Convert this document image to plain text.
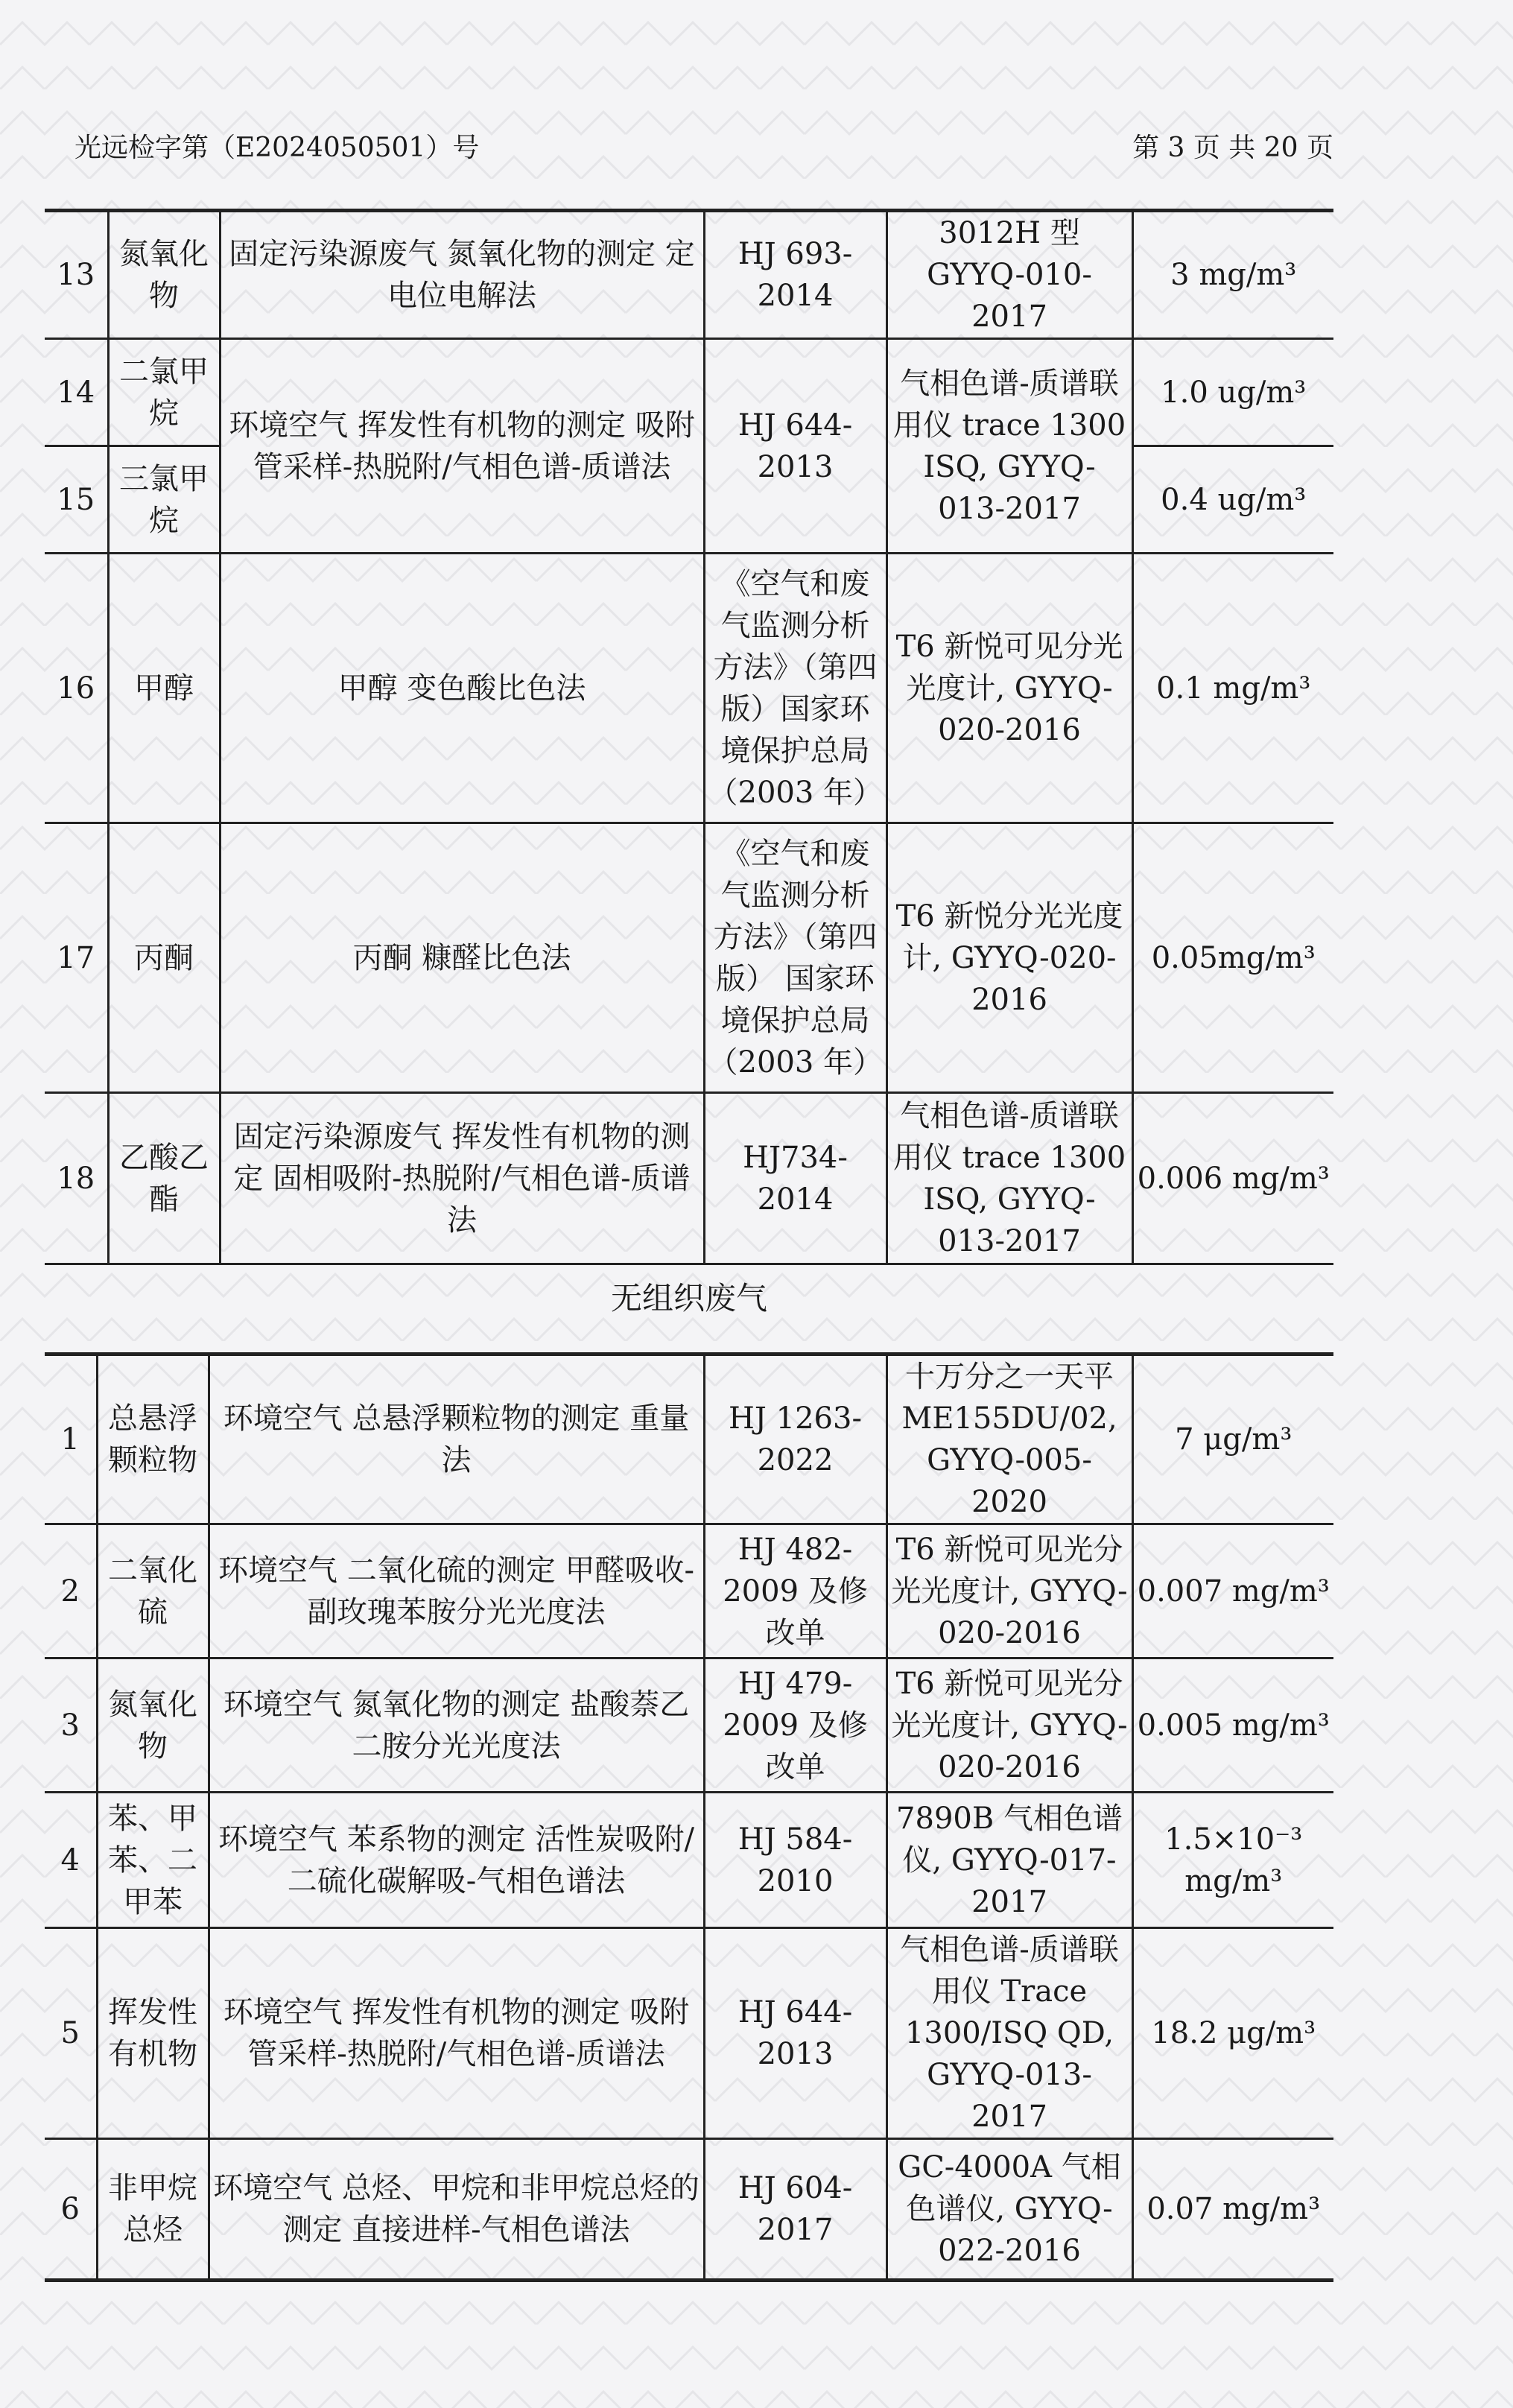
光远检字第（E2024050501）号	第 3 页 共 20 页
13	氮氧化物	固定污染源废气 氮氧化物的测定 定电位电解法	HJ 693-2014	3012H 型 GYYQ-010-2017	3 mg/m³
14	二氯甲烷	环境空气 挥发性有机物的测定 吸附管采样-热脱附/气相色谱-质谱法	HJ 644-2013	气相色谱-质谱联用仪 trace 1300 ISQ, GYYQ-013-2017	1.0 ug/m³
15	三氯甲烷				0.4 ug/m³
16	甲醇	甲醇 变色酸比色法	《空气和废气监测分析方法》（第四版）国家环境保护总局（2003 年）	T6 新悦可见分光光度计, GYYQ-020-2016	0.1 mg/m³
17	丙酮	丙酮 糠醛比色法	《空气和废气监测分析方法》（第四版） 国家环境保护总局（2003 年）	T6 新悦分光光度计, GYYQ-020-2016	0.05mg/m³
18	乙酸乙酯	固定污染源废气 挥发性有机物的测定 固相吸附-热脱附/气相色谱-质谱法	HJ734-2014	气相色谱-质谱联用仪 trace 1300 ISQ, GYYQ-013-2017	0.006 mg/m³
无组织废气
1	总悬浮颗粒物	环境空气 总悬浮颗粒物的测定 重量法	HJ 1263-2022	十万分之一天平 ME155DU/02, GYYQ-005-2020	7 μg/m³
2	二氧化硫	环境空气 二氧化硫的测定 甲醛吸收-副玫瑰苯胺分光光度法	HJ 482-2009 及修改单	T6 新悦可见光分光光度计, GYYQ-020-2016	0.007 mg/m³
3	氮氧化物	环境空气 氮氧化物的测定 盐酸萘乙二胺分光光度法	HJ 479-2009 及修改单	T6 新悦可见光分光光度计, GYYQ-020-2016	0.005 mg/m³
4	苯、甲苯、二甲苯	环境空气 苯系物的测定 活性炭吸附/二硫化碳解吸-气相色谱法	HJ 584-2010	7890B 气相色谱仪, GYYQ-017-2017	1.5×10⁻³ mg/m³
5	挥发性有机物	环境空气 挥发性有机物的测定 吸附管采样-热脱附/气相色谱-质谱法	HJ 644-2013	气相色谱-质谱联用仪 Trace 1300/ISQ QD, GYYQ-013-2017	18.2 μg/m³
6	非甲烷总烃	环境空气 总烃、甲烷和非甲烷总烃的测定 直接进样-气相色谱法	HJ 604-2017	GC-4000A 气相色谱仪, GYYQ-022-2016	0.07 mg/m³
